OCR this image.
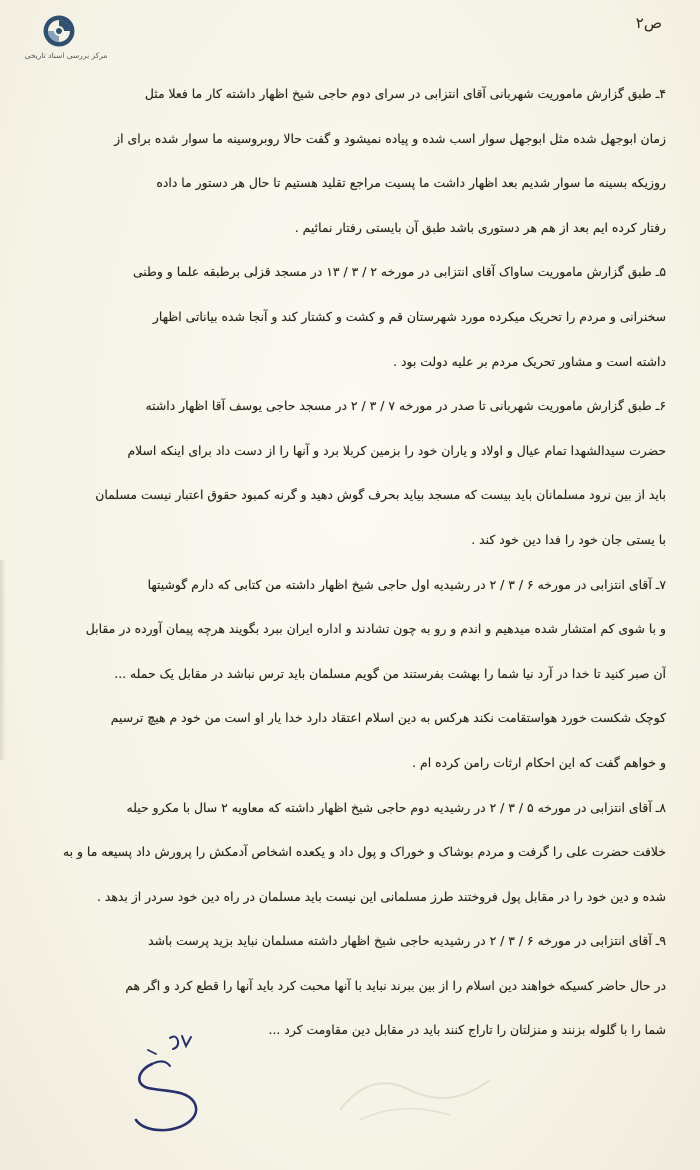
مرکز بررسی اسناد تاریخی
ص۲
۴ـ طبق گزارش ماموریت شهربانی آقای انتزابی در سرای دوم حاجی شیخ اظهار داشته کار ما فعلا مثل
زمان ابوجهل شده مثل ابوجهل سوار اسب شده و پیاده نمیشود و گفت حالا روبروسینه ما سوار شده برای از
روزیکه بسینه ما سوار شدیم بعد اظهار داشت ما پسیت مراجع تقلید هستیم تا حال هر دستور ما داده
رفتار کرده ایم بعد از هم هر دستوری باشد طبق آن بایستی رفتار نمائیم .
۵ـ طبق گزارش ماموریت ساواک آقای انتزابی در مورخه ۲ / ۳ / ۱۳ در مسجد قزلی برطبقه علما و وطنی
سخنرانی و مردم را تحریک میکرده مورد شهرستان قم و کشت و کشتار کند و آنجا شده بیاناتی اظهار
داشته است و مشاور تحریک مردم بر علیه دولت بود .
۶ـ طبق گزارش ماموریت شهربانی تا صدر در مورخه ۷ / ۳ / ۲ در مسجد حاجی یوسف آقا اظهار داشته
حضرت سیدالشهدا تمام عیال و اولاد و یاران خود را بزمین کربلا برد و آنها را از دست داد برای اینکه اسلام
باید از بین نرود مسلمانان باید بیست که مسجد بیاید بحرف گوش دهید و گرنه کمبود حقوق اعتبار نیست مسلمان
با یستی جان خود را فدا دین خود کند .
۷ـ آقای انتزابی در مورخه ۶ / ۳ / ۲ در رشیدیه اول حاجی شیخ اظهار داشته من کتابی که دارم گوشیتها
و با شوی کم امتشار شده میدهیم و اندم و رو به چون تشادند و اداره ایران ببرد بگویند هرچه پیمان آورده در مقابل
آن صبر کنید تا خدا در آرد نیا شما را بهشت بفرستند من گویم مسلمان باید ترس نباشد در مقابل یک حمله ...
کوچک شکست خورد هواستقامت نکند هرکس به دین اسلام اعتقاد دارد خدا یار او است من خود م هیچ ترسیم
و خواهم گفت که این احکام ارثات رامن کرده ام .
۸ـ آقای انتزابی در مورخه ۵ / ۳ / ۲ در رشیدیه دوم حاجی شیخ اظهار داشته که معاویه ۲ سال با مکرو حیله
خلافت حضرت علی را گرفت و مردم بوشاک و خوراک و پول داد و یکعده اشخاص آدمکش را پرورش داد پسیعه ما و به
شده و دین خود را در مقابل پول فروختند طرز مسلمانی این نیست باید مسلمان در راه دین خود سردر از بدهد .
۹ـ آقای انتزابی در مورخه ۶ / ۳ / ۲ در رشیدیه حاجی شیخ اظهار داشته مسلمان نباید بزید پرست باشد
در حال حاضر کسیکه خواهند دین اسلام را از بین ببرند نباید با آنها محبت کرد باید آنها را قطع کرد و اگر هم
شما را با گلوله بزنند و منزلتان را تاراج کنند باید در مقابل دین مقاومت کرد ...
